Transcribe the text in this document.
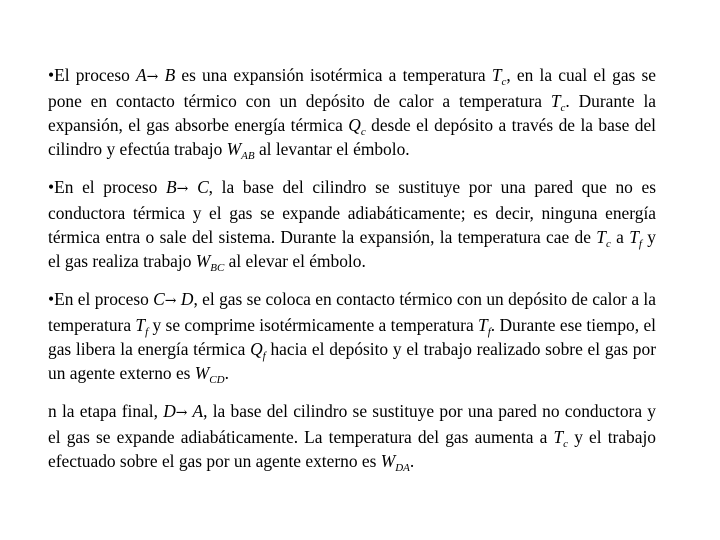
•El proceso A→ B es una expansión isotérmica a temperatura $T_c$, en la cual el gas se pone en contacto térmico con un depósito de calor a temperatura $T_c$. Durante la expansión, el gas absorbe energía térmica $Q_c$ desde el depósito a través de la base del cilindro y efectúa trabajo $W_{AB}$ al levantar el émbolo.

•En el proceso B→ C, la base del cilindro se sustituye por una pared que no es conductora térmica y el gas se expande adiabáticamente; es decir, ninguna energía térmica entra o sale del sistema. Durante la expansión, la temperatura cae de $T_c$ a $T_f$ y el gas realiza trabajo $W_{BC}$ al elevar el émbolo.

•En el proceso C→ D, el gas se coloca en contacto térmico con un depósito de calor a la temperatura $T_f$ y se comprime isotérmicamente a temperatura $T_f$. Durante ese tiempo, el gas libera la energía térmica $Q_f$ hacia el depósito y el trabajo realizado sobre el gas por un agente externo es $W_{CD}$.

n la etapa final, D→ A, la base del cilindro se sustituye por una pared no conductora y el gas se expande adiabáticamente. La temperatura del gas aumenta a $T_c$ y el trabajo efectuado sobre el gas por un agente externo es $W_{DA}$.
